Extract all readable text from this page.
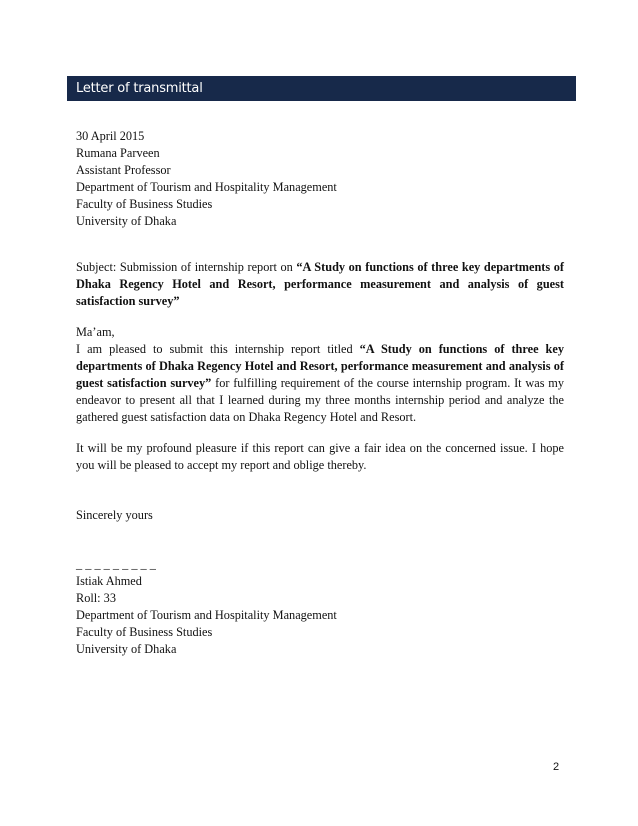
Letter of transmittal
30 April 2015
Rumana Parveen
Assistant Professor
Department of Tourism and Hospitality Management
Faculty of Business Studies
University of Dhaka
Subject: Submission of internship report on “A Study on functions of three key departments of Dhaka Regency Hotel and Resort, performance measurement and analysis of guest satisfaction survey”
Ma’am,
I am pleased to submit this internship report titled “A Study on functions of three key departments of Dhaka Regency Hotel and Resort, performance measurement and analysis of guest satisfaction survey” for fulfilling requirement of the course internship program. It was my endeavor to present all that I learned during my three months internship period and analyze the gathered guest satisfaction data on Dhaka Regency Hotel and Resort.
It will be my profound pleasure if this report can give a fair idea on the concerned issue. I hope you will be pleased to accept my report and oblige thereby.
Sincerely yours
_ _ _ _ _ _ _ _ _
Istiak Ahmed
Roll: 33
Department of Tourism and Hospitality Management
Faculty of Business Studies
University of Dhaka
2
